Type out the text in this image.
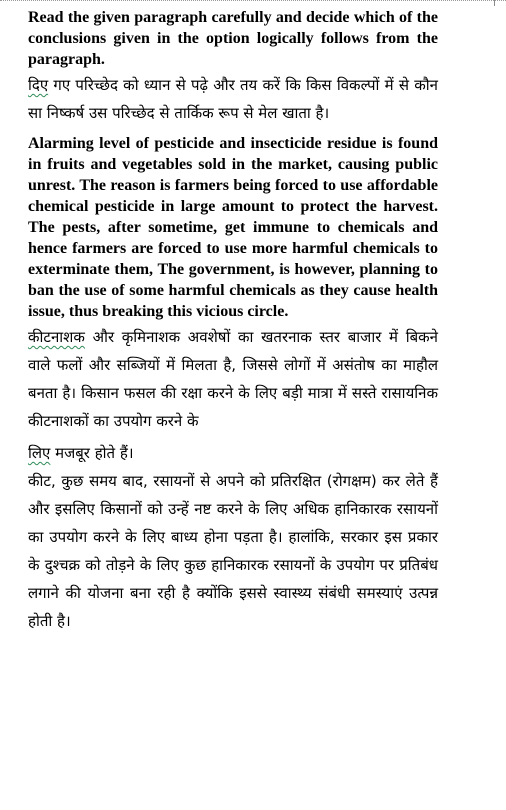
Read the given paragraph carefully and decide which of the conclusions given in the option logically follows from the paragraph.

दिए गए परिच्छेद को ध्यान से पढ़े और तय करें कि किस विकल्पों में से कौन सा निष्कर्ष उस परिच्छेद से तार्किक रूप से मेल खाता है।

Alarming level of pesticide and insecticide residue is found in fruits and vegetables sold in the market, causing public unrest. The reason is farmers being forced to use affordable chemical pesticide in large amount to protect the harvest. The pests, after sometime, get immune to chemicals and hence farmers are forced to use more harmful chemicals to exterminate them, The government, is however, planning to ban the use of some harmful chemicals as they cause health issue, thus breaking this vicious circle.

कीटनाशक और कृमिनाशक अवशेषों का खतरनाक स्तर बाजार में बिकने वाले फलों और सब्जियों में मिलता है, जिससे लोगों में असंतोष का माहौल बनता है। किसान फसल की रक्षा करने के लिए बड़ी मात्रा में सस्ते रासायनिक कीटनाशकों का उपयोग करने के

लिए मजबूर होते हैं।

कीट, कुछ समय बाद, रसायनों से अपने को प्रतिरक्षित (रोगक्षम) कर लेते हैं और इसलिए किसानों को उन्हें नष्ट करने के लिए अधिक हानिकारक रसायनों का उपयोग करने के लिए बाध्य होना पड़ता है। हालांकि, सरकार इस प्रकार के दुश्चक्र को तोड़ने के लिए कुछ हानिकारक रसायनों के उपयोग पर प्रतिबंध लगाने की योजना बना रही है क्योंकि इससे स्वास्थ्य संबंधी समस्याएं उत्पन्न होती है।
